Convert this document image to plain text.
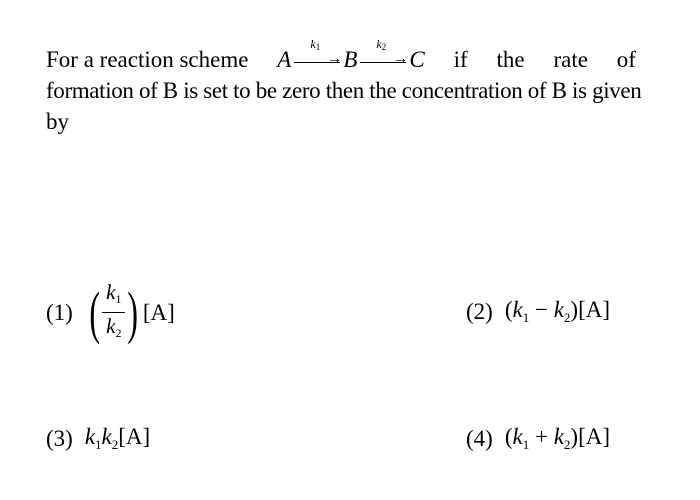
For a reaction scheme A →
$k_1$ B →
$k_2$ C if the rate of
formation of B is set to be zero then the concentration of B is given
by
(1) ( $\frac{k_1}{k_2}$ ) [A]	(2) $(k_1 - k_2)[A]$
(3) $k_1k_2[A]$	(4) $(k_1 + k_2)[A]$
